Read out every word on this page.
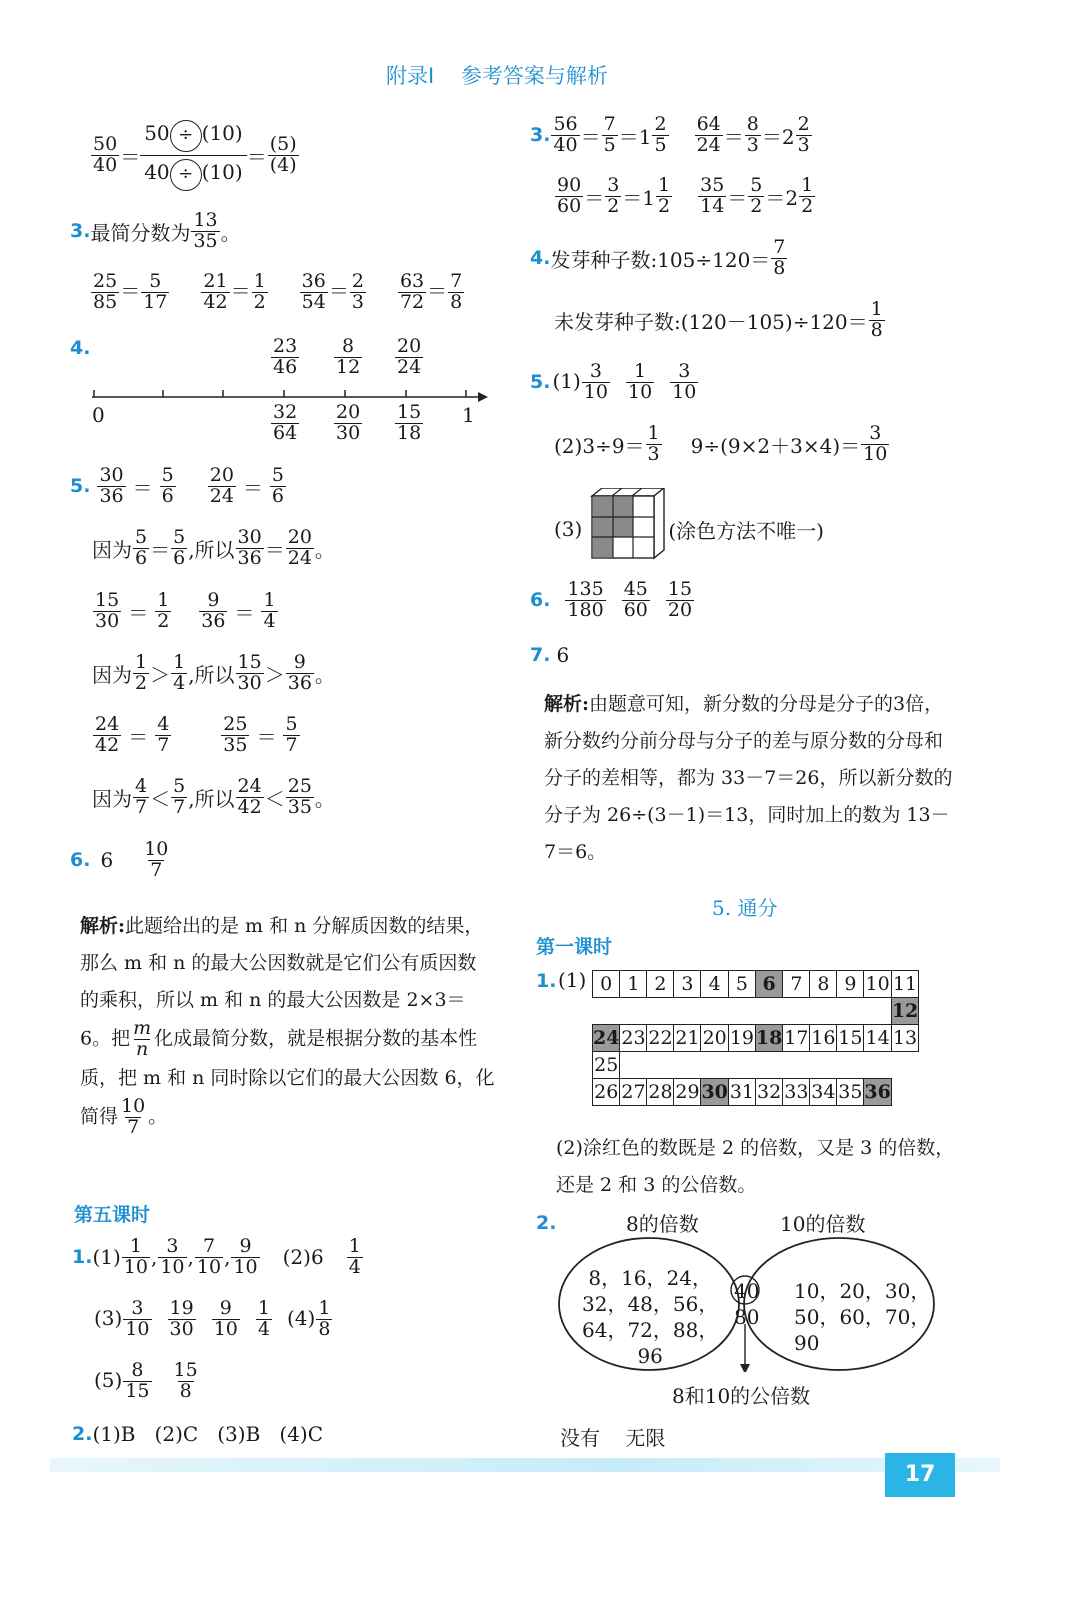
附录Ⅰ 参考答案与解析
$\frac{50}{40}$ ＝
50 ÷ (10)
40 ÷ (10)
＝ $\frac{(5)}{(4)}$
3. 最简分数为 $\frac{13}{35}$ 。
$\frac{25}{85} = \frac{5}{17} \frac{21}{42} = \frac{1}{2} \frac{36}{54} = \frac{2}{3} \frac{63}{72} = \frac{7}{8}$
4.
0	1
$\frac{23}{46} \frac{8}{12} \frac{20}{24}$
$\frac{32}{64} \frac{20}{30} \frac{15}{18}$
5. $\frac{30}{36} = \frac{5}{6} \frac{20}{24} = \frac{5}{6}$
因为 $\frac{5}{6} = \frac{5}{6}$ ,所以 $\frac{30}{36} = \frac{20}{24}$ 。
$\frac{15}{30} = \frac{1}{2} \frac{9}{36} = \frac{1}{4}$
因为 $\frac{1}{2} > \frac{1}{4}$ ,所以 $\frac{15}{30} > \frac{9}{36}$ 。
$\frac{24}{42} = \frac{4}{7}$	$\frac{25}{35} = \frac{5}{7}$
因为 $\frac{4}{7} < \frac{5}{7}$ ,所以 $\frac{24}{42} < \frac{25}{35}$ 。
6. $6 \frac{10}{7}$
解析:此题给出的是 m 和 n 分解质因数的结果，那么 m 和 n 的最大公因数就是它们公有质因数的乘积，所以 m 和 n 的最大公因数是 2×3＝6。把 $\frac{m}{n}$ 化成最简分数，就是根据分数的基本性质，把 m 和 n 同时除以它们的最大公因数 6，化简得 $\frac{10}{7}$ 。
第五课时
1. $(1) \frac{1}{10}$ , $\frac{3}{10}$ , $\frac{7}{10}$ , $\frac{9}{10} (2)6 \frac{1}{4}$
$(3) \frac{3}{10} \frac{19}{30} \frac{9}{10} \frac{1}{4} (4) \frac{1}{8}$
$(5) \frac{8}{15} \frac{15}{8}$
2. (1)B   (2)C   (3)B   (4)C
3. $\frac{56}{40} = \frac{7}{5} =1 \frac{2}{5} \frac{64}{24} = \frac{8}{3} =2 \frac{2}{3}$
$\frac{90}{60} = \frac{3}{2} =1 \frac{1}{2} \frac{35}{14} = \frac{5}{2} =2 \frac{1}{2}$
4. 发芽种子数:105÷120＝ $\frac{7}{8}$
未发芽种子数:(120－105)÷120＝ $\frac{1}{8}$
5. $(1) \frac{3}{10} \frac{1}{10} \frac{3}{10}$
$(2)3\div 9= \frac{1}{3} 9\div(9\times 2+3\times 4)= \frac{3}{10}$
(3)	(涂色方法不唯一)
6. $\frac{135}{180} \frac{45}{60} \frac{15}{20}$
7. 6
解析:由题意可知，新分数的分母是分子的3倍，新分数约分前分母与分子的差与原分数的分母和分子的差相等，都为 33－7＝26，所以新分数的分子为 26÷(3－1)＝13，同时加上的数为 13－7＝6。
5. 通分
第一课时
1. (1) 0	1	2	3	4	5	6	7	8	9	10	11
											12
24	23	22	21	20	19	18	17	16	15	14	13
25											
26	27	28	29	30	31	32	33	34	35	36	
(2)涂红色的数既是 2 的倍数，又是 3 的倍数，还是 2 和 3 的公倍数。
2.	8的倍数	10的倍数
8，16，24，
32，48，56，
64，72，88，
96
40
80
10，20，30，
50，60，70，
90
8和10的公倍数
没有    无限
17
